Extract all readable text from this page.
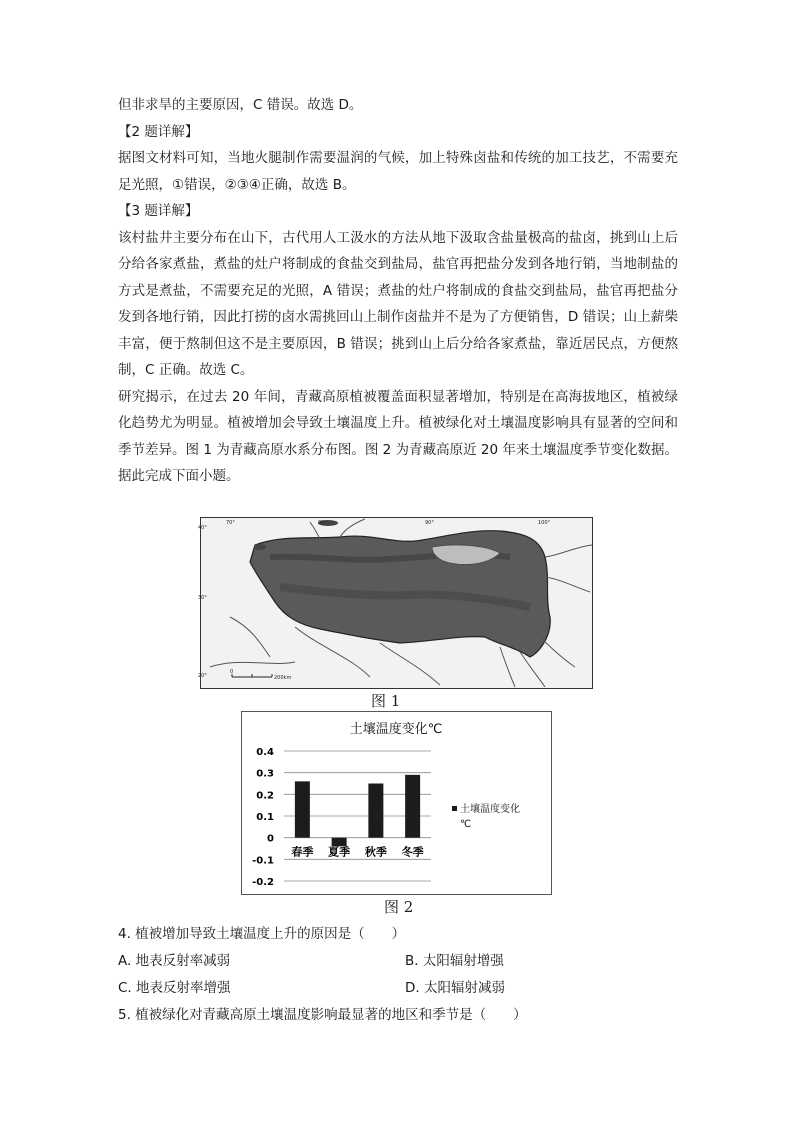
但非求旱的主要原因，C 错误。故选 D。

【2 题详解】

据图文材料可知，当地火腿制作需要温润的气候，加上特殊卤盐和传统的加工技艺，不需要充足光照，①错误，②③④正确，故选 B。

【3 题详解】

该村盐井主要分布在山下，古代用人工汲水的方法从地下汲取含盐量极高的盐卤，挑到山上后分给各家煮盐，煮盐的灶户将制成的食盐交到盐局，盐官再把盐分发到各地行销，当地制盐的方式是煮盐，不需要充足的光照，A 错误；煮盐的灶户将制成的食盐交到盐局，盐官再把盐分发到各地行销，因此打捞的卤水需挑回山上制作卤盐并不是为了方便销售，D 错误；山上薪柴丰富，便于熬制但这不是主要原因，B 错误；挑到山上后分给各家煮盐，靠近居民点，方便熬制，C 正确。故选 C。

研究揭示，在过去 20 年间，青藏高原植被覆盖面积显著增加，特别是在高海拔地区，植被绿化趋势尤为明显。植被增加会导致土壤温度上升。植被绿化对土壤温度影响具有显著的空间和季节差异。图 1 为青藏高原水系分布图。图 2 为青藏高原近 20 年来土壤温度季节变化数据。据此完成下面小题。

70°	80°	90°	100°
40°
30°
20°
0
200km
图 1
土壤温度变化℃
0.4
0.3
0.2
0.1
0
-0.1
-0.2
春季 夏季 秋季 冬季
土壤温度变化
℃
图 2
4. 植被增加导致土壤温度上升的原因是（　　）
A. 地表反射率减弱	B. 太阳辐射增强
C. 地表反射率增强	D. 太阳辐射减弱
5. 植被绿化对青藏高原土壤温度影响最显著的地区和季节是（　　）
